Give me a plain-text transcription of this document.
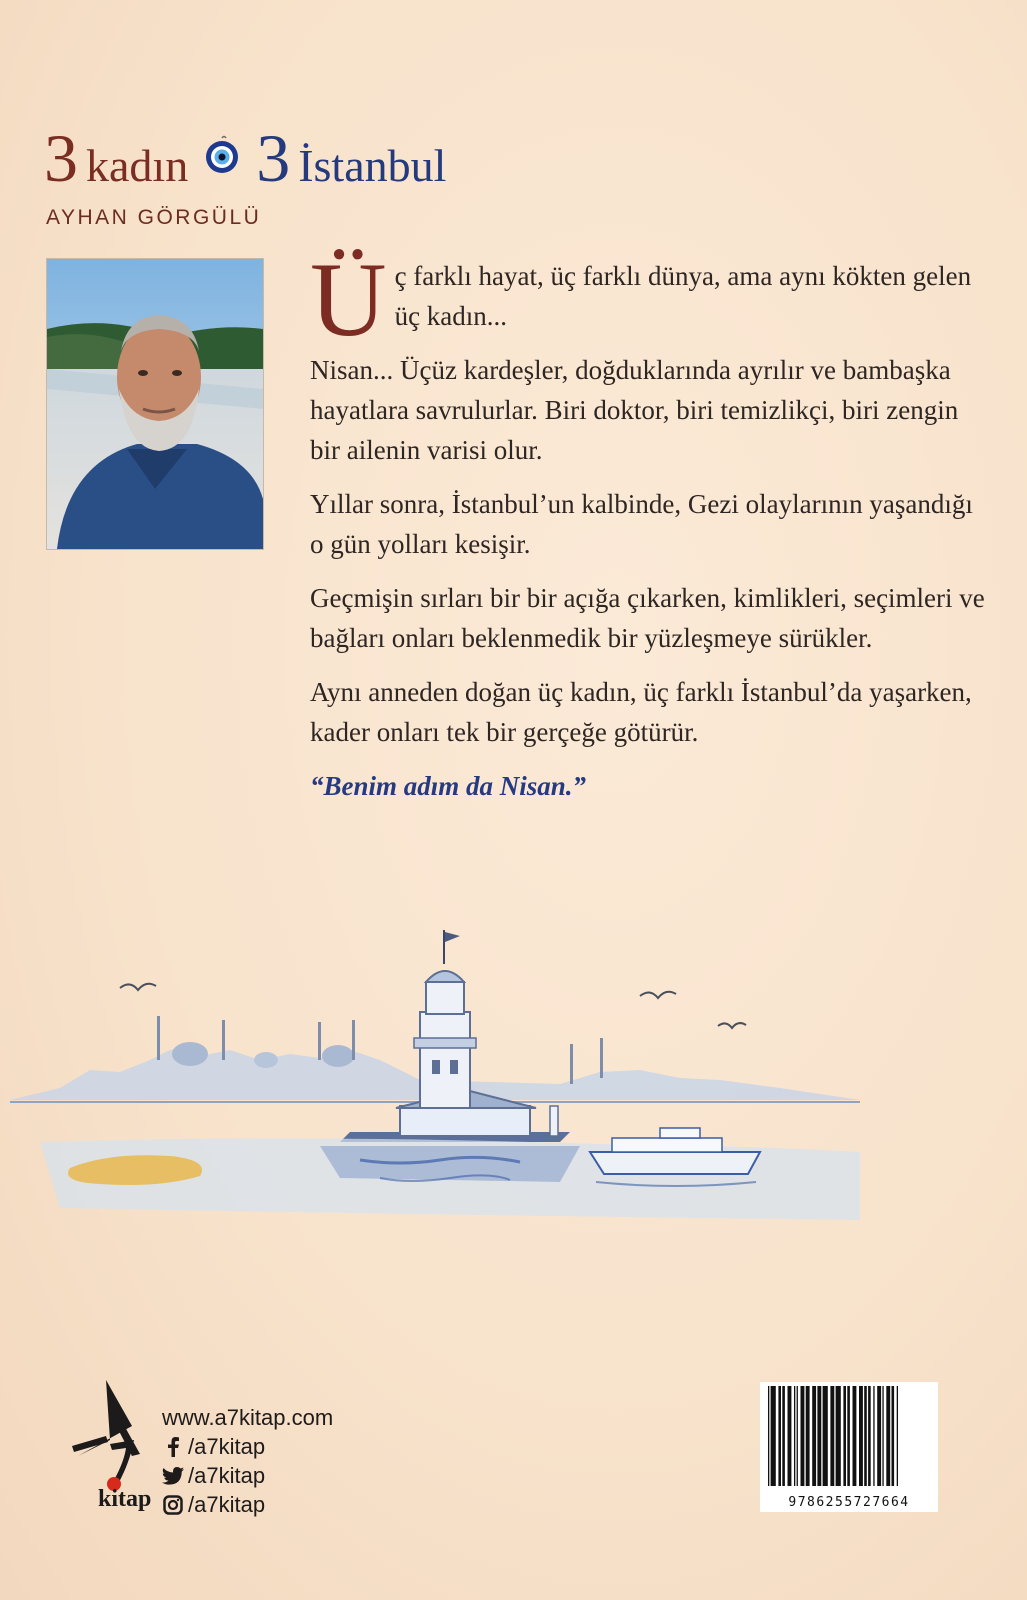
3 kadın 3 İstanbul
AYHAN GÖRGÜLÜ

Üç farklı hayat, üç farklı dünya, ama aynı kökten gelen üç kadın...

Nisan... Üçüz kardeşler, doğduklarında ayrılır ve bambaşka hayatlara savrulurlar. Biri doktor, biri temizlikçi, biri zengin bir ailenin varisi olur.

Yıllar sonra, İstanbul’un kalbinde, Gezi olaylarının yaşandığı o gün yolları kesişir.

Geçmişin sırları bir bir açığa çıkarken, kimlikleri, seçimleri ve bağları onları beklenmedik bir yüzleşmeye sürükler.

Aynı anneden doğan üç kadın, üç farklı İstanbul’da yaşarken, kader onları tek bir gerçeğe götürür.

“Benim adım da Nisan.”

kitap
www.a7kitap.com
/a7kitap
/a7kitap
/a7kitap	9786255727664
